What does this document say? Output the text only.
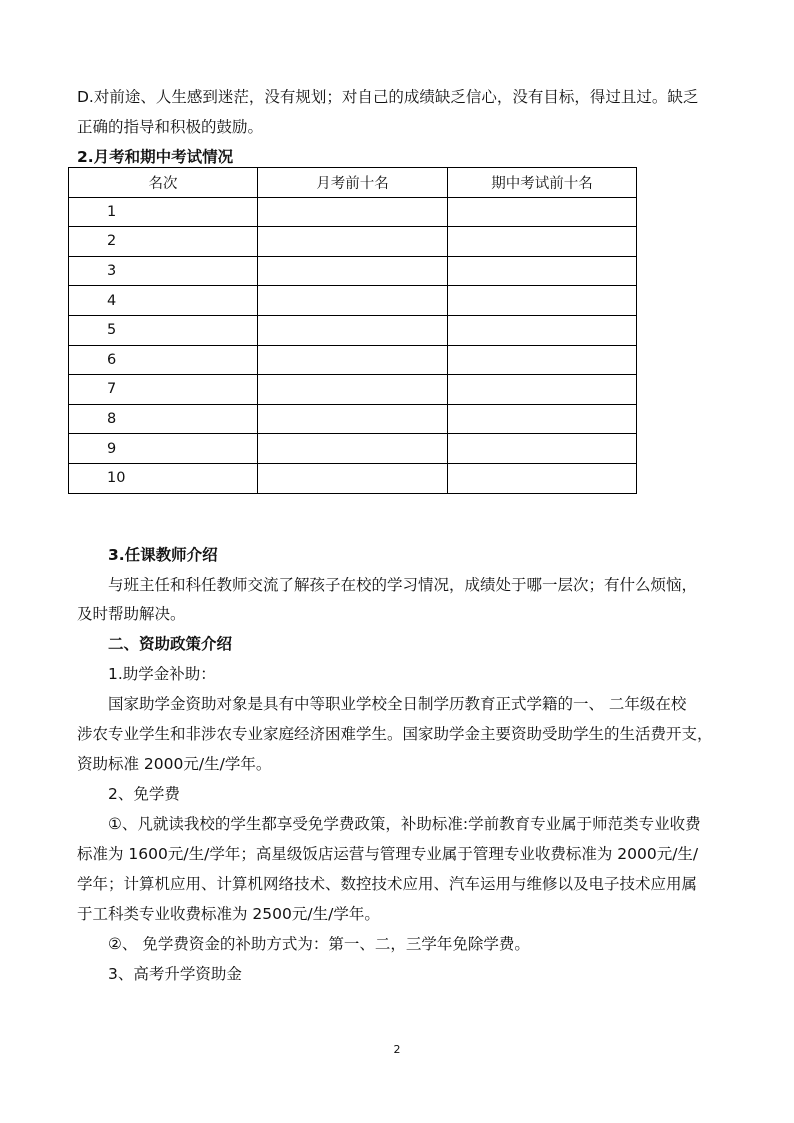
D.对前途、人生感到迷茫，没有规划；对自己的成绩缺乏信心，没有目标，得过且过。缺乏
正确的指导和积极的鼓励。
2.月考和期中考试情况
名次	月考前十名	期中考试前十名
1		
2		
3		
4		
5		
6		
7		
8		
9		
10		
3.任课教师介绍
与班主任和科任教师交流了解孩子在校的学习情况，成绩处于哪一层次；有什么烦恼，
及时帮助解决。
二、资助政策介绍
1.助学金补助：
国家助学金资助对象是具有中等职业学校全日制学历教育正式学籍的一、 二年级在校
涉农专业学生和非涉农专业家庭经济困难学生。国家助学金主要资助受助学生的生活费开支，
资助标准 2000元/生/学年。
2、免学费
①、凡就读我校的学生都享受免学费政策，补助标准:学前教育专业属于师范类专业收费
标准为 1600元/生/学年；高星级饭店运营与管理专业属于管理专业收费标准为 2000元/生/
学年；计算机应用、计算机网络技术、数控技术应用、汽车运用与维修以及电子技术应用属
于工科类专业收费标准为 2500元/生/学年。
②、 免学费资金的补助方式为：第一、二，三学年免除学费。
3、高考升学资助金
2
